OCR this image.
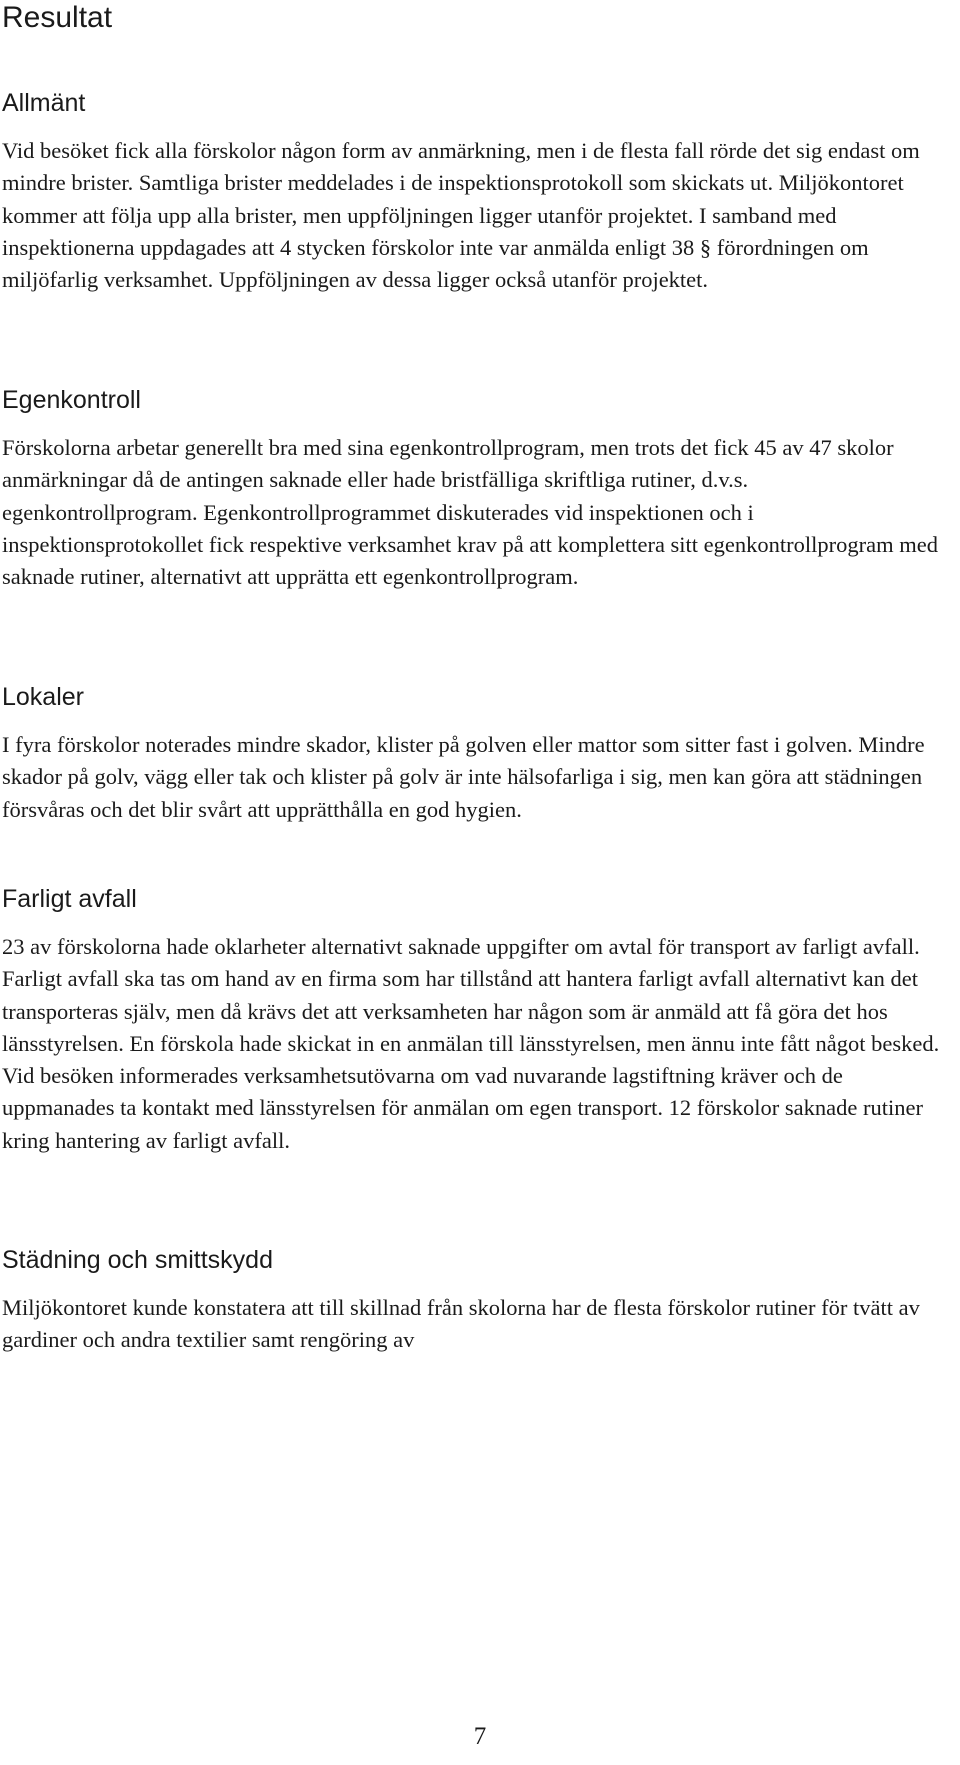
Resultat
Allmänt

Vid besöket fick alla förskolor någon form av anmärkning, men i de flesta fall rörde det sig endast om mindre brister. Samtliga brister meddelades i de inspektionsprotokoll som skickats ut. Miljökontoret kommer att följa upp alla brister, men uppföljningen ligger utanför projektet. I samband med inspektionerna uppdagades att 4 stycken förskolor inte var anmälda enligt 38 § förordningen om miljöfarlig verksamhet. Uppföljningen av dessa ligger också utanför projektet.

Egenkontroll

Förskolorna arbetar generellt bra med sina egenkontrollprogram, men trots det fick 45 av 47 skolor anmärkningar då de antingen saknade eller hade bristfälliga skriftliga rutiner, d.v.s. egenkontrollprogram. Egenkontrollprogrammet diskuterades vid inspektionen och i inspektionsprotokollet fick respektive verksamhet krav på att komplettera sitt egenkontrollprogram med saknade rutiner, alternativt att upprätta ett egenkontrollprogram.

Lokaler

I fyra förskolor noterades mindre skador, klister på golven eller mattor som sitter fast i golven. Mindre skador på golv, vägg eller tak och klister på golv är inte hälsofarliga i sig, men kan göra att städningen försvåras och det blir svårt att upprätthålla en god hygien.

Farligt avfall

23 av förskolorna hade oklarheter alternativt saknade uppgifter om avtal för transport av farligt avfall. Farligt avfall ska tas om hand av en firma som har tillstånd att hantera farligt avfall alternativt kan det transporteras själv, men då krävs det att verksamheten har någon som är anmäld att få göra det hos länsstyrelsen. En förskola hade skickat in en anmälan till länsstyrelsen, men ännu inte fått något besked. Vid besöken informerades verksamhetsutövarna om vad nuvarande lagstiftning kräver och de uppmanades ta kontakt med länsstyrelsen för anmälan om egen transport. 12 förskolor saknade rutiner kring hantering av farligt avfall.

Städning och smittskydd

Miljökontoret kunde konstatera att till skillnad från skolorna har de flesta förskolor rutiner för tvätt av gardiner och andra textilier samt rengöring av

7
